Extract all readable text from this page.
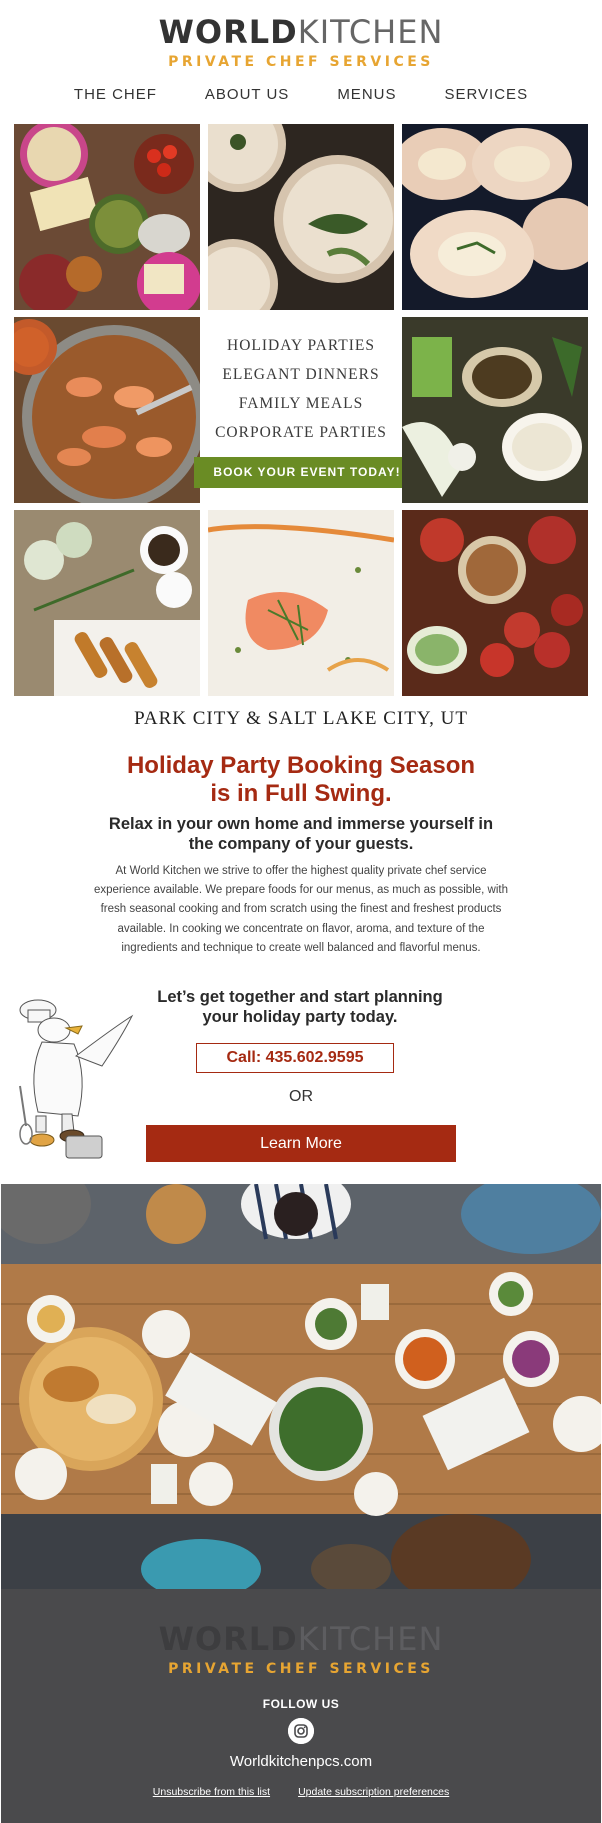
WORLDKITCHEN
PRIVATE CHEF SERVICES
THE CHEF	ABOUT US	MENUS	SERVICES
HOLIDAY PARTIES
ELEGANT DINNERS
FAMILY MEALS
CORPORATE PARTIES
BOOK YOUR EVENT TODAY!
PARK CITY & SALT LAKE CITY, UT
Holiday Party Booking Season
is in Full Swing.
Relax in your own home and immerse yourself in
the company of your guests.

At World Kitchen we strive to offer the highest quality private chef service experience available. We prepare foods for our menus, as much as possible, with fresh seasonal cooking and from scratch using the finest and freshest products available. In cooking we concentrate on flavor, aroma, and texture of the ingredients and technique to create well balanced and flavorful menus.

Let’s get together and start planning
your holiday party today.
Call: 435.602.9595
OR
Learn More
WORLDKITCHEN
PRIVATE CHEF SERVICES
FOLLOW US
Worldkitchenpcs.com
Unsubscribe from this list	Update subscription preferences
